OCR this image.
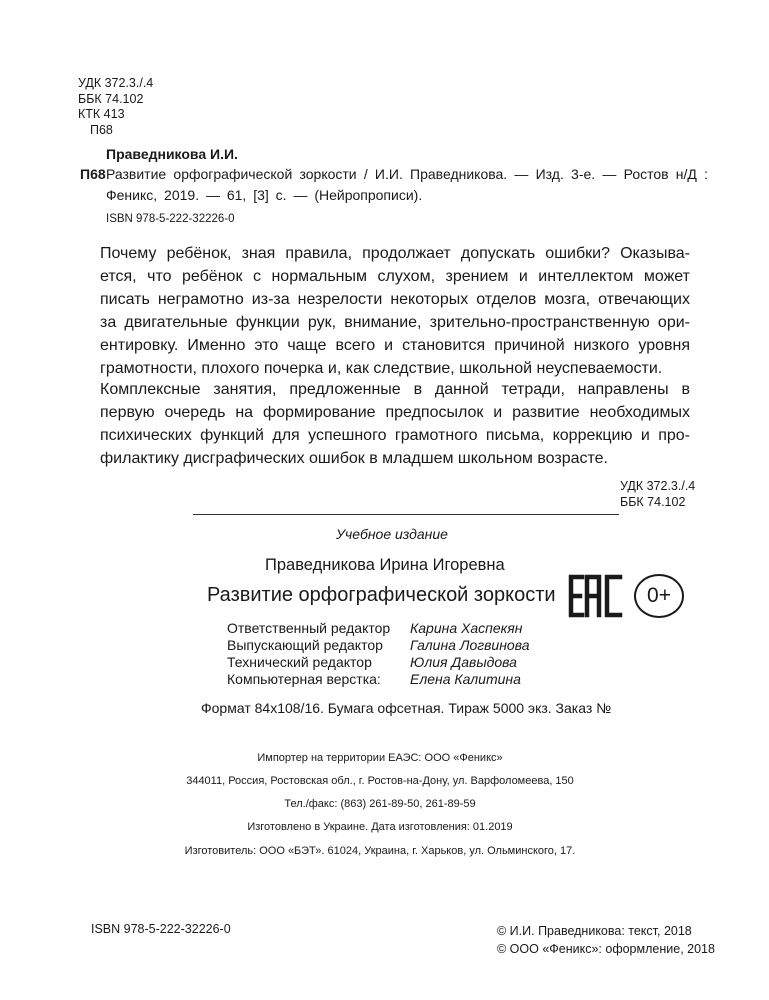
УДК 372.3./.4
ББК 74.102
КТК 413
П68
Праведникова И.И.
П68 Развитие орфографической зоркости / И.И. Праведникова. — Изд. 3-е. — Ростов н/Д :
Феникс, 2019. — 61, [3] с. — (Нейропрописи).
ISBN 978-5-222-32226-0
Почему ребёнок, зная правила, продолжает допускать ошибки? Оказыва-
ется, что ребёнок с нормальным слухом, зрением и интеллектом может
писать неграмотно из-за незрелости некоторых отделов мозга, отвечающих
за двигательные функции рук, внимание, зрительно-пространственную ори-
ентировку. Именно это чаще всего и становится причиной низкого уровня
грамотности, плохого почерка и, как следствие, школьной неуспеваемости.
Комплексные занятия, предложенные в данной тетради, направлены в
первую очередь на формирование предпосылок и развитие необходимых
психических функций для успешного грамотного письма, коррекцию и про-
филактику дисграфических ошибок в младшем школьном возрасте.
УДК 372.3./.4
ББК 74.102
Учебное издание
Праведникова Ирина Игоревна
Развитие орфографической зоркости	0+
Ответственный редактор Карина Хаспекян
Выпускающий редактор Галина Логвинова
Технический редактор	Юлия Давыдова
Компьютерная верстка: Елена Калитина
Формат 84x108/16. Бумага офсетная. Тираж 5000 экз. Заказ №
Импортер на территории ЕАЭС: ООО «Феникс»
344011, Россия, Ростовская обл., г. Ростов-на-Дону, ул. Варфоломеева, 150
Тел./факс: (863) 261-89-50, 261-89-59
Изготовлено в Украине. Дата изготовления: 01.2019
Изготовитель: ООО «БЭТ». 61024, Украина, г. Харьков, ул. Ольминского, 17.
ISBN 978-5-222-32226-0	© И.И. Праведникова: текст, 2018
© ООО «Феникс»: оформление, 2018
